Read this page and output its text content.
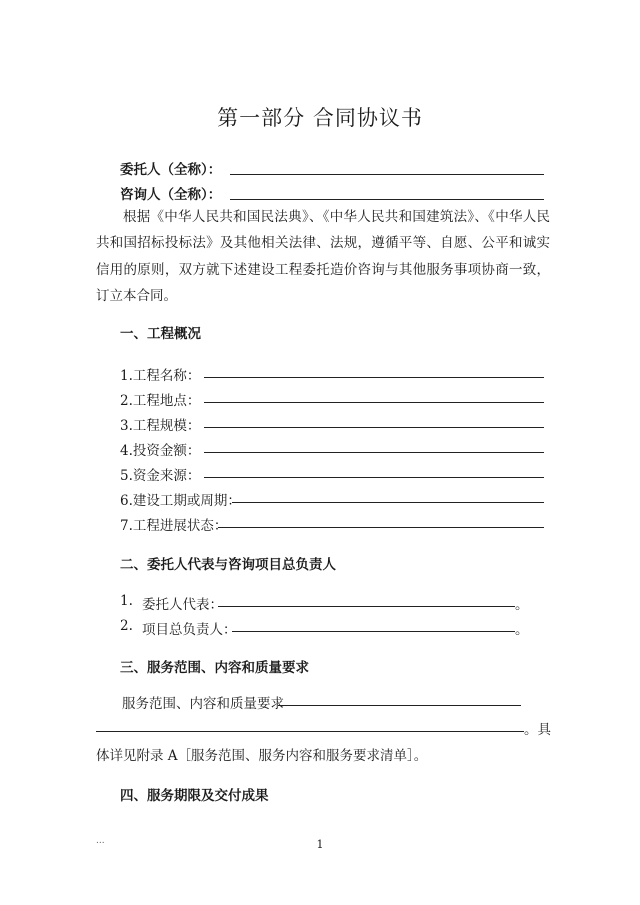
第一部分 合同协议书
委托人（全称）：
咨询人（全称）：
根据《中华人民共和国民法典》、《中华人民共和国建筑法》、《中华人民共和国招标投标法》及其他相关法律、法规，遵循平等、自愿、公平和诚实信用的原则，双方就下述建设工程委托造价咨询与其他服务事项协商一致，订立本合同。
一、工程概况
1.工程名称：
2.工程地点：
3.工程规模：
4.投资金额：
5.资金来源：
6.建设工期或周期：
7.工程进展状态：
二、委托人代表与咨询项目总负责人
1. 委托人代表：	。
2. 项目总负责人：	。
三、服务范围、内容和质量要求
服务范围、内容和质量要求
。具
体详见附录 A［服务范围、服务内容和服务要求清单］。
四、服务期限及交付成果
...	1
